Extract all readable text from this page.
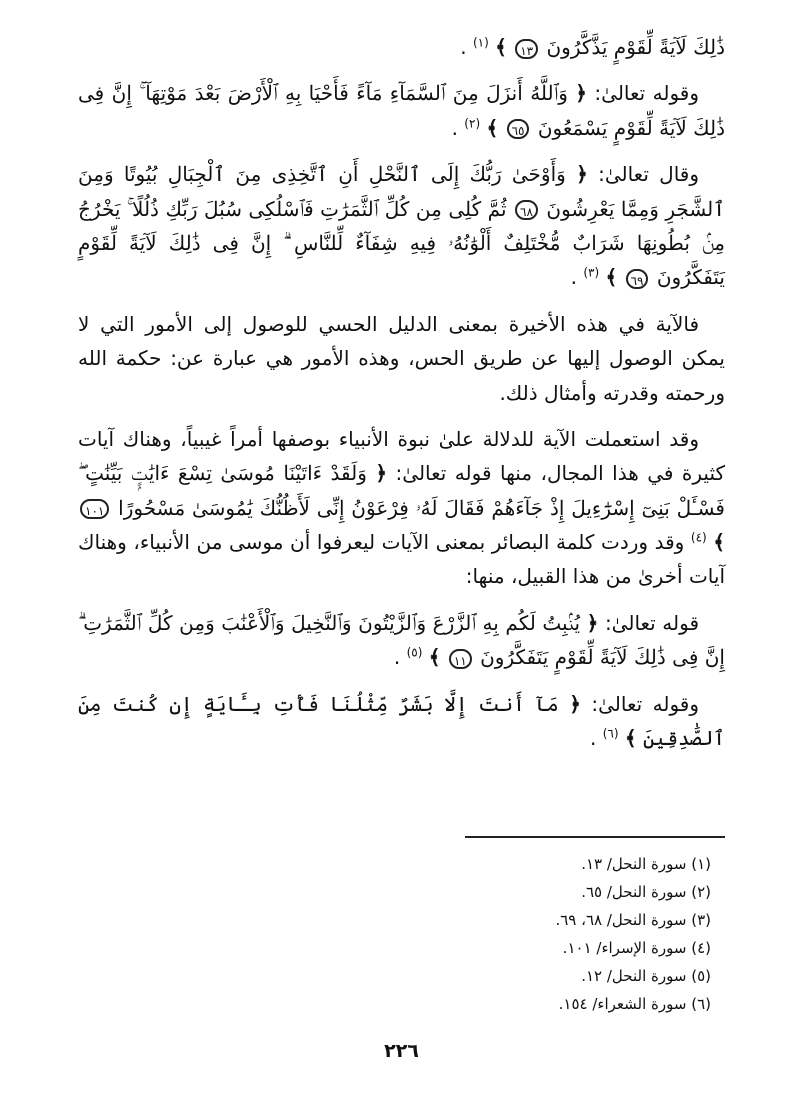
ذَٰلِكَ لَآيَةً لِّقَوْمٍ يَذَّكَّرُونَ ١٣ ﴾ $^{(١)}$ .

وقوله تعالىٰ: ﴿ وَٱللَّهُ أَنزَلَ مِنَ ٱلسَّمَآءِ مَآءً فَأَحْيَا بِهِ ٱلْأَرْضَ بَعْدَ مَوْتِهَآ ۚ إِنَّ فِى ذَٰلِكَ لَآيَةً لِّقَوْمٍ يَسْمَعُونَ ٦٥ ﴾ $^{(٢)}$ .

وقال تعالىٰ: ﴿ وَأَوْحَىٰ رَبُّكَ إِلَى ٱلنَّحْلِ أَنِ ٱتَّخِذِى مِنَ ٱلْجِبَالِ بُيُوتًا وَمِنَ ٱلشَّجَرِ وَمِمَّا يَعْرِشُونَ ٦٨ ثُمَّ كُلِى مِن كُلِّ ٱلثَّمَرَٰتِ فَٱسْلُكِى سُبُلَ رَبِّكِ ذُلُلًا ۚ يَخْرُجُ مِنۢ بُطُونِهَا شَرَابٌ مُّخْتَلِفٌ أَلْوَٰنُهُۥ فِيهِ شِفَآءٌ لِّلنَّاسِ ۗ إِنَّ فِى ذَٰلِكَ لَآيَةً لِّقَوْمٍ يَتَفَكَّرُونَ ٦٩ ﴾ $^{(٣)}$ .

فالآية في هذه الأخيرة بمعنى الدليل الحسي للوصول إلى الأمور التي لا يمكن الوصول إليها عن طريق الحس، وهذه الأمور هي عبارة عن: حكمة الله ورحمته وقدرته وأمثال ذلك.

وقد استعملت الآية للدلالة علىٰ نبوة الأنبياء بوصفها أمراً غيبياً، وهناك آيات كثيرة في هذا المجال، منها قوله تعالىٰ: ﴿ وَلَقَدْ ءَاتَيْنَا مُوسَىٰ تِسْعَ ءَايَٰتٍۭ بَيِّنَٰتٍ ۖ فَسْـَٔلْ بَنِىٓ إِسْرَٰٓءِيلَ إِذْ جَآءَهُمْ فَقَالَ لَهُۥ فِرْعَوْنُ إِنِّى لَأَظُنُّكَ يَٰمُوسَىٰ مَسْحُورًا ١٠١ ﴾ $^{(٤)}$ وقد وردت كلمة البصائر بمعنى الآيات ليعرفوا أن موسى من الأنبياء، وهناك آيات أخرىٰ من هذا القبيل، منها:

قوله تعالىٰ: ﴿ يُنۢبِتُ لَكُم بِهِ ٱلزَّرْعَ وَٱلزَّيْتُونَ وَٱلنَّخِيلَ وَٱلْأَعْنَٰبَ وَمِن كُلِّ ٱلثَّمَرَٰتِ ۗ إِنَّ فِى ذَٰلِكَ لَآيَةً لِّقَوْمٍ يَتَفَكَّرُونَ ١١ ﴾ $^{(٥)}$ .

وقوله تعالىٰ: ﴿ مَآ أَنتَ إِلَّا بَشَرٌ مِّثْلُنَا فَأْتِ بِـَٔايَةٍ إِن كُنتَ مِنَ ٱلصَّٰدِقِينَ ﴾ $^{(٦)}$ .

(١) سورة النحل/ ١٣.
(٢) سورة النحل/ ٦٥.
(٣) سورة النحل/ ٦٨، ٦٩.
(٤) سورة الإسراء/ ١٠١.
(٥) سورة النحل/ ١٢.
(٦) سورة الشعراء/ ١٥٤.
٢٢٦
